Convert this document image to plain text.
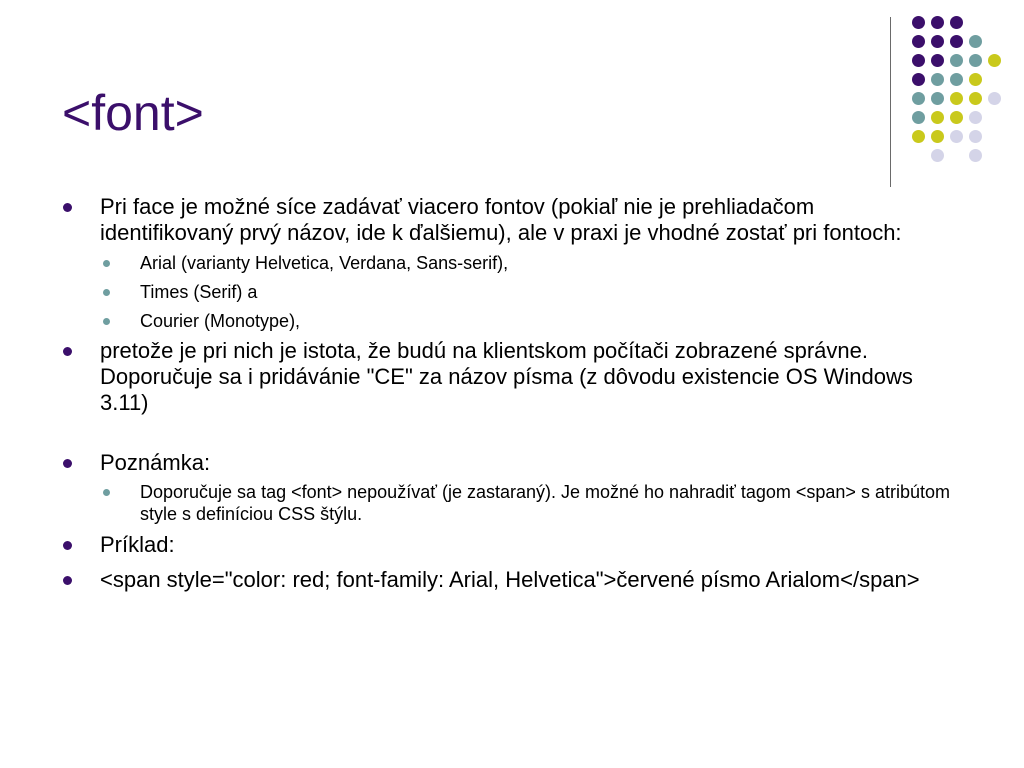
<font>
Pri face je možné síce zadávať viacero fontov (pokiaľ nie je prehliadačom identifikovaný prvý názov, ide k ďalšiemu), ale v praxi je vhodné zostať pri fontoch:
Arial (varianty Helvetica, Verdana, Sans-serif),
Times (Serif) a
Courier (Monotype),
pretože je pri nich je istota, že budú na klientskom počítači zobrazené správne. Doporučuje sa i pridávánie "CE" za názov písma (z dôvodu existencie OS Windows 3.11)
Poznámka:
Doporučuje sa tag <font> nepoužívať (je zastaraný). Je možné ho nahradiť tagom <span> s atribútom style s definíciou CSS štýlu.
Príklad:
<span style="color: red; font-family: Arial, Helvetica">červené písmo Arialom</span>
